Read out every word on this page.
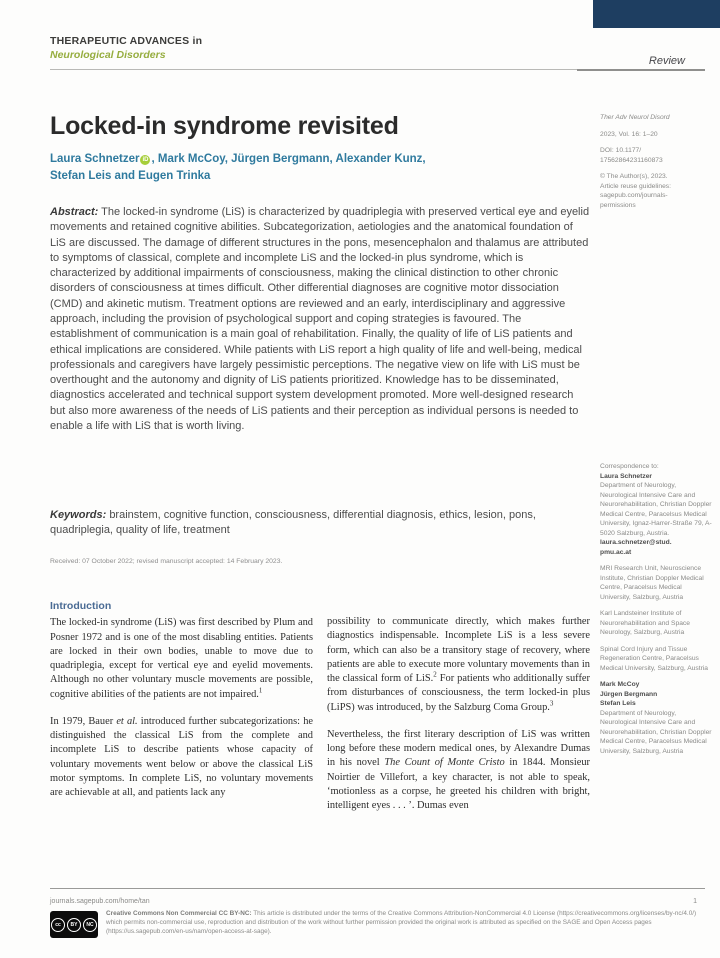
THERAPEUTIC ADVANCES in
Neurological Disorders	Review
Locked-in syndrome revisited
Laura Schnetzer iD , Mark McCoy, Jürgen Bergmann, Alexander Kunz,
Stefan Leis and Eugen Trinka
Abstract: The locked-in syndrome (LiS) is characterized by quadriplegia with preserved vertical eye and eyelid movements and retained cognitive abilities. Subcategorization, aetiologies and the anatomical foundation of LiS are discussed. The damage of different structures in the pons, mesencephalon and thalamus are attributed to symptoms of classical, complete and incomplete LiS and the locked-in plus syndrome, which is characterized by additional impairments of consciousness, making the clinical distinction to other chronic disorders of consciousness at times difficult. Other differential diagnoses are cognitive motor dissociation (CMD) and akinetic mutism. Treatment options are reviewed and an early, interdisciplinary and aggressive approach, including the provision of psychological support and coping strategies is favoured. The establishment of communication is a main goal of rehabilitation. Finally, the quality of life of LiS patients and ethical implications are considered. While patients with LiS report a high quality of life and well-being, medical professionals and caregivers have largely pessimistic perceptions. The negative view on life with LiS must be overthought and the autonomy and dignity of LiS patients prioritized. Knowledge has to be disseminated, diagnostics accelerated and technical support system development promoted. More well-designed research but also more awareness of the needs of LiS patients and their perception as individual persons is needed to enable a life with LiS that is worth living.
Keywords: brainstem, cognitive function, consciousness, differential diagnosis, ethics, lesion, pons, quadriplegia, quality of life, treatment
Received: 07 October 2022; revised manuscript accepted: 14 February 2023.
Introduction

The locked-in syndrome (LiS) was first described by Plum and Posner 1972 and is one of the most disabling entities. Patients are locked in their own bodies, unable to move due to quadriplegia, except for vertical eye and eyelid movements. Although no other voluntary muscle movements are possible, cognitive abilities of the patients are not impaired.$^1$

In 1979, Bauer et al. introduced further subcategorizations: he distinguished the classical LiS from the complete and incomplete LiS to describe patients whose capacity of voluntary movements went below or above the classical LiS motor symptoms. In complete LiS, no voluntary movements are achievable at all, and patients lack any

possibility to communicate directly, which makes further diagnostics indispensable. Incomplete LiS is a less severe form, which can also be a transitory stage of recovery, where patients are able to execute more voluntary movements than in the classical form of LiS.$^2$ For patients who additionally suffer from disturbances of consciousness, the term locked-in plus (LiPS) was introduced, by the Salzburg Coma Group.$^3$

Nevertheless, the first literary description of LiS was written long before these modern medical ones, by Alexandre Dumas in his novel The Count of Monte Cristo in 1844. Monsieur Noirtier de Villefort, a key character, is not able to speak, ‘motionless as a corpse, he greeted his children with bright, intelligent eyes . . . ’. Dumas even

Ther Adv Neurol Disord
2023, Vol. 16: 1–20
DOI: 10.1177/
17562864231160873
© The Author(s), 2023.
Article reuse guidelines:
sagepub.com/journals-
permissions
Correspondence to:
Laura Schnetzer
Department of Neurology, Neurological Intensive Care and Neurorehabilitation, Christian Doppler Medical Centre, Paracelsus Medical University, Ignaz-Harrer-Straße 79, A-5020 Salzburg, Austria.
laura.schnetzer@stud.
pmu.ac.at
MRI Research Unit, Neuroscience Institute, Christian Doppler Medical Centre, Paracelsus Medical University, Salzburg, Austria
Karl Landsteiner Institute of Neurorehabilitation and Space Neurology, Salzburg, Austria
Spinal Cord Injury and Tissue Regeneration Centre, Paracelsus Medical University, Salzburg, Austria
Mark McCoy
Jürgen Bergmann
Stefan Leis
Department of Neurology, Neurological Intensive Care and Neurorehabilitation, Christian Doppler Medical Centre, Paracelsus Medical University, Salzburg, Austria
journals.sagepub.com/home/tan	1
cc	BY	NC
Creative Commons Non Commercial CC BY-NC: This article is distributed under the terms of the Creative Commons Attribution-NonCommercial 4.0 License (https://creativecommons.org/licenses/by-nc/4.0/) which permits non-commercial use, reproduction and distribution of the work without further permission provided the original work is attributed as specified on the SAGE and Open Access pages (https://us.sagepub.com/en-us/nam/open-access-at-sage).
